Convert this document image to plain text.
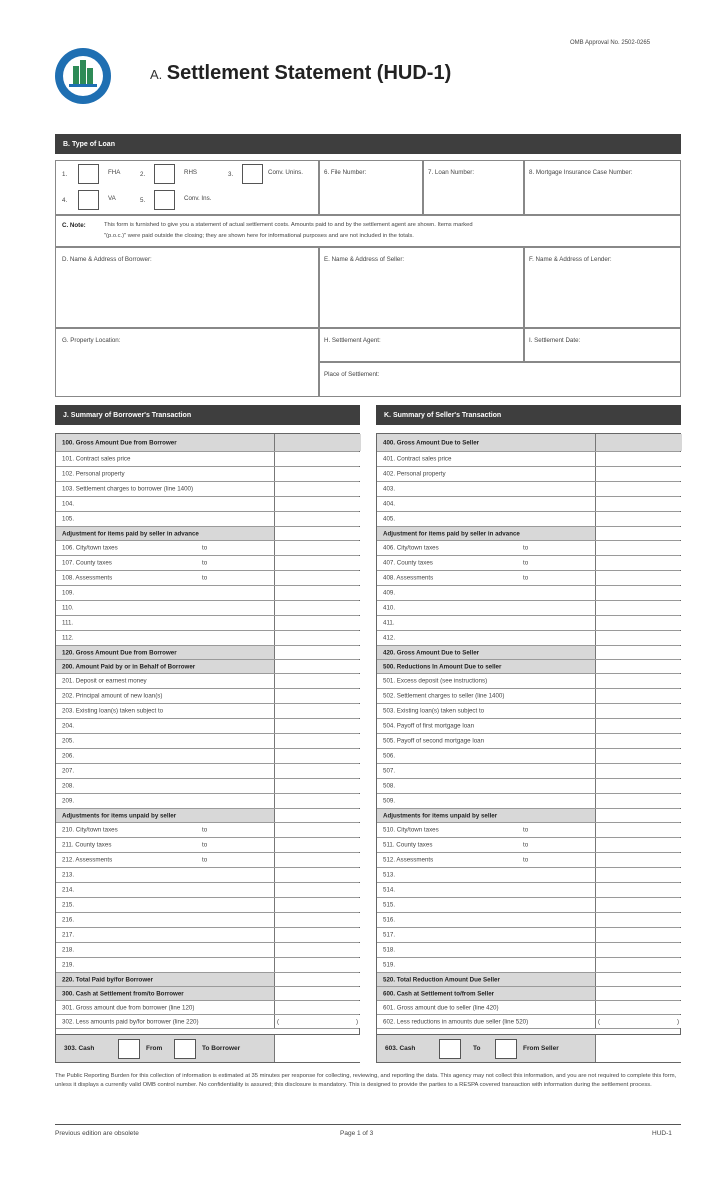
OMB Approval No. 2502-0265
A. Settlement Statement (HUD-1)
B. Type of Loan
6. File Number:	7. Loan Number:	8. Mortgage Insurance Case Number:
1.	FHA	2.	RHS	3.	Conv. Unins.
4.	VA	5.	Conv. Ins.
C. Note:	This form is furnished to give you a statement of actual settlement costs. Amounts paid to and by the settlement agent are shown. Items marked
"(p.o.c.)" were paid outside the closing; they are shown here for informational purposes and are not included in the totals.
D. Name & Address of Borrower:	E. Name & Address of Seller:	F. Name & Address of Lender:
G. Property Location:	H. Settlement Agent:
Place of Settlement:
I. Settlement Date:
J. Summary of Borrower's Transaction	K. Summary of Seller's Transaction
100. Gross Amount Due from Borrower
101. Contract sales price
102. Personal property
103. Settlement charges to borrower (line 1400)
104.
105.
Adjustment for items paid by seller in advance
106. City/town taxes	to
107. County taxes	to
108. Assessments	to
109.
110.
111.
112.
120. Gross Amount Due from Borrower
200. Amount Paid by or in Behalf of Borrower
201. Deposit or earnest money
202. Principal amount of new loan(s)
203. Existing loan(s) taken subject to
204.
205.
206.
207.
208.
209.
Adjustments for items unpaid by seller
210. City/town taxes	to
211. County taxes	to
212. Assessments	to
213.
214.
215.
216.
217.
218.
219.
220. Total Paid by/for Borrower
300. Cash at Settlement from/to Borrower
301. Gross amount due from borrower (line 120)
302. Less amounts paid by/for borrower (line 220)	(	)
400. Gross Amount Due to Seller
401. Contract sales price
402. Personal property
403.
404.
405.
Adjustment for items paid by seller in advance
406. City/town taxes	to
407. County taxes	to
408. Assessments	to
409.
410.
411.
412.
420. Gross Amount Due to Seller
500. Reductions In Amount Due to seller
501. Excess deposit (see instructions)
502. Settlement charges to seller (line 1400)
503. Existing loan(s) taken subject to
504. Payoff of first mortgage loan
505. Payoff of second mortgage loan
506.
507.
508.
509.
Adjustments for items unpaid by seller
510. City/town taxes	to
511. County taxes	to
512. Assessments	to
513.
514.
515.
516.
517.
518.
519.
520. Total Reduction Amount Due Seller
600. Cash at Settlement to/from Seller
601. Gross amount due to seller (line 420)
602. Less reductions in amounts due seller (line 520)	(	)
303. Cash	From	To Borrower	603. Cash	To	From Seller
The Public Reporting Burden for this collection of information is estimated at 35 minutes per response for collecting, reviewing, and reporting the data. This agency may not collect this information, and you are not required to complete this form, unless it displays a currently valid OMB control number. No confidentiality is assured; this disclosure is mandatory. This is designed to provide the parties to a RESPA covered transaction with information during the settlement process.
Previous edition are obsolete	Page 1 of 3	HUD-1
